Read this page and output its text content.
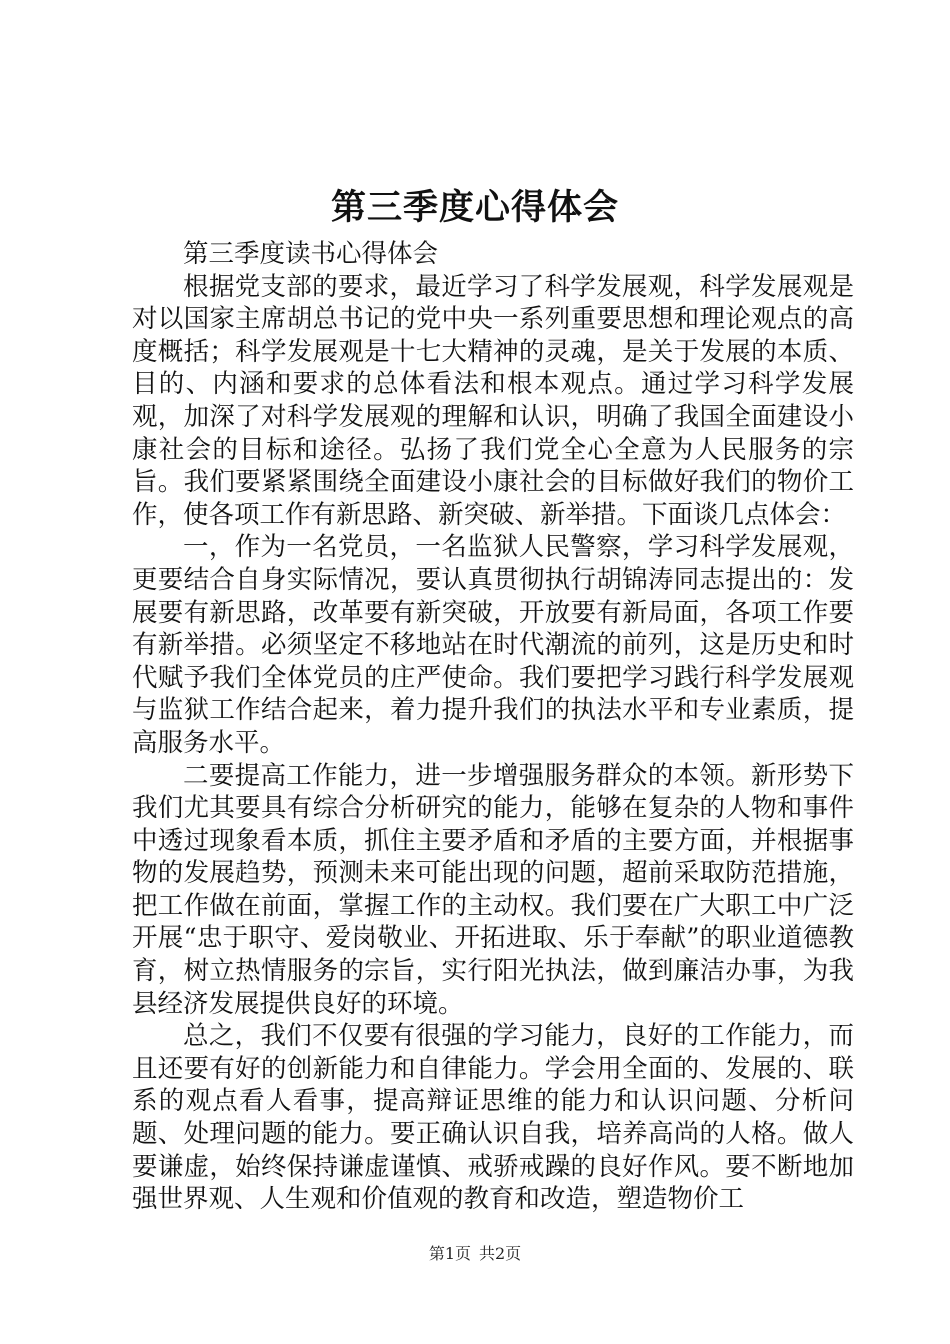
第三季度心得体会

第三季度读书心得体会

根据党支部的要求，最近学习了科学发展观，科学发展观是对以国家主席胡总书记的党中央一系列重要思想和理论观点的高度概括；科学发展观是十七大精神的灵魂，是关于发展的本质、目的、内涵和要求的总体看法和根本观点。通过学习科学发展观，加深了对科学发展观的理解和认识，明确了我国全面建设小康社会的目标和途径。弘扬了我们党全心全意为人民服务的宗旨。我们要紧紧围绕全面建设小康社会的目标做好我们的物价工作，使各项工作有新思路、新突破、新举措。下面谈几点体会：

一，作为一名党员，一名监狱人民警察，学习科学发展观，更要结合自身实际情况，要认真贯彻执行胡锦涛同志提出的：发展要有新思路，改革要有新突破，开放要有新局面，各项工作要有新举措。必须坚定不移地站在时代潮流的前列，这是历史和时代赋予我们全体党员的庄严使命。我们要把学习践行科学发展观与监狱工作结合起来，着力提升我们的执法水平和专业素质，提高服务水平。

二要提高工作能力，进一步增强服务群众的本领。新形势下我们尤其要具有综合分析研究的能力，能够在复杂的人物和事件中透过现象看本质，抓住主要矛盾和矛盾的主要方面，并根据事物的发展趋势，预测未来可能出现的问题，超前采取防范措施，把工作做在前面，掌握工作的主动权。我们要在广大职工中广泛开展“忠于职守、爱岗敬业、开拓进取、乐于奉献”的职业道德教育，树立热情服务的宗旨，实行阳光执法，做到廉洁办事，为我县经济发展提供良好的环境。

总之，我们不仅要有很强的学习能力，良好的工作能力，而且还要有好的创新能力和自律能力。学会用全面的、发展的、联系的观点看人看事，提高辩证思维的能力和认识问题、分析问题、处理问题的能力。要正确认识自我，培养高尚的人格。做人要谦虚，始终保持谦虚谨慎、戒骄戒躁的良好作风。要不断地加强世界观、人生观和价值观的教育和改造，塑造物价工

第1页 共2页
